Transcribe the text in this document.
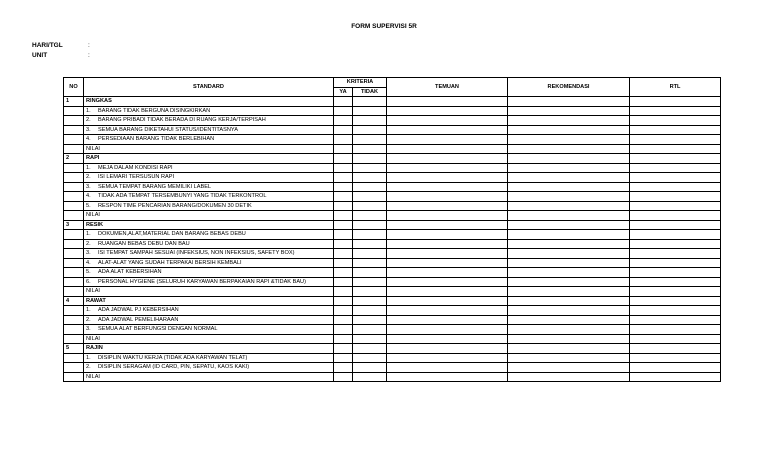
FORM SUPERVISI 5R
HARI/TGL	:
UNIT	:
NO	STANDARD	KRITERIA		TEMUAN	REKOMENDASI	RTL
		YA	TIDAK			
1	RINGKAS					
	1. BARANG TIDAK BERGUNA DISINGKIRKAN					
	2. BARANG PRIBADI TIDAK BERADA DI RUANG KERJA/TERPISAH					
	3. SEMUA BARANG DIKETAHUI STATUS/IDENTITASNYA					
	4. PERSEDIAAN BARANG TIDAK BERLEBIHAN					
	NILAI					
2	RAPI					
	1. MEJA DALAM KONDISI RAPI					
	2. ISI LEMARI TERSUSUN RAPI					
	3. SEMUA TEMPAT BARANG MEMILIKI LABEL					
	4. TIDAK ADA TEMPAT TERSEMBUNYI YANG TIDAK TERKONTROL					
	5. RESPON TIME PENCARIAN BARANG/DOKUMEN 30 DETIK					
	NILAI					
3	RESIK					
	1. DOKUMEN,ALAT,MATERIAL DAN BARANG BEBAS DEBU					
	2. RUANGAN BEBAS DEBU DAN BAU					
	3. ISI TEMPAT SAMPAH SESUAI (INFEKSIUS, NON INFEKSIUS, SAFETY BOX)					
	4. ALAT-ALAT YANG SUDAH TERPAKAI BERSIH KEMBALI					
	5. ADA ALAT KEBERSIHAN					
	6. PERSONAL HYGIENE (SELURUH KARYAWAN BERPAKAIAN RAPI &TIDAK BAU)					
	NILAI					
4	RAWAT					
	1. ADA JADWAL PJ KEBERSIHAN					
	2. ADA JADWAL PEMELIHARAAN					
	3. SEMUA ALAT BERFUNGSI DENGAN NORMAL					
	NILAI					
5	RAJIN					
	1. DISIPLIN WAKTU KERJA (TIDAK ADA KARYAWAN TELAT)					
	2. DISIPLIN SERAGAM (ID CARD, PIN, SEPATU, KAOS KAKI)					
	NILAI					
